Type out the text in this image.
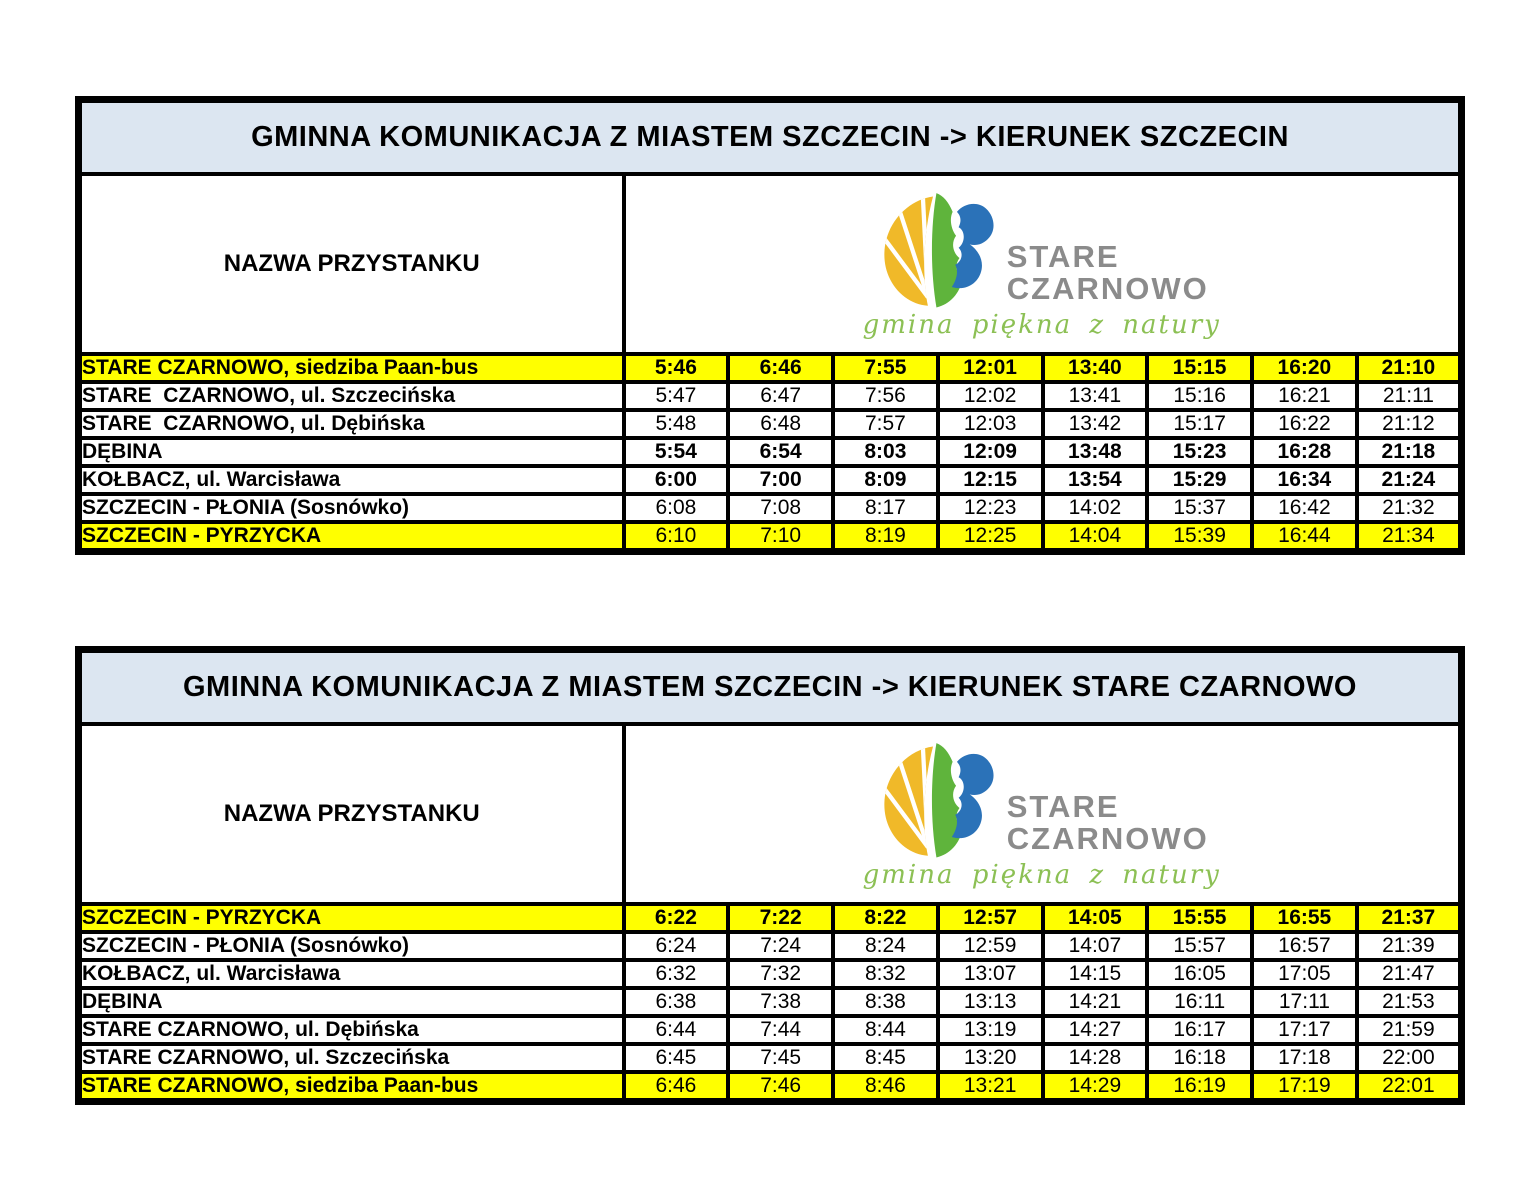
GMINNA KOMUNIKACJA Z MIASTEM SZCZECIN -> KIERUNEK SZCZECIN								
NAZWA PRZYSTANKU	STARE
CZARNOWO
gmina piękna z natury							

STARE CZARNOWO, siedziba Paan-bus	5:46	6:46	7:55	12:01	13:40	15:15	16:20	21:10
STARE  CZARNOWO, ul. Szczecińska	5:47	6:47	7:56	12:02	13:41	15:16	16:21	21:11
STARE  CZARNOWO, ul. Dębińska	5:48	6:48	7:57	12:03	13:42	15:17	16:22	21:12
DĘBINA	5:54	6:54	8:03	12:09	13:48	15:23	16:28	21:18
KOŁBACZ, ul. Warcisława	6:00	7:00	8:09	12:15	13:54	15:29	16:34	21:24
SZCZECIN - PŁONIA (Sosnówko)	6:08	7:08	8:17	12:23	14:02	15:37	16:42	21:32
SZCZECIN - PYRZYCKA	6:10	7:10	8:19	12:25	14:04	15:39	16:44	21:34
GMINNA KOMUNIKACJA Z MIASTEM SZCZECIN -> KIERUNEK STARE CZARNOWO								
NAZWA PRZYSTANKU	STARE
CZARNOWO
gmina piękna z natury							

SZCZECIN - PYRZYCKA	6:22	7:22	8:22	12:57	14:05	15:55	16:55	21:37
SZCZECIN - PŁONIA (Sosnówko)	6:24	7:24	8:24	12:59	14:07	15:57	16:57	21:39
KOŁBACZ, ul. Warcisława	6:32	7:32	8:32	13:07	14:15	16:05	17:05	21:47
DĘBINA	6:38	7:38	8:38	13:13	14:21	16:11	17:11	21:53
STARE CZARNOWO, ul. Dębińska	6:44	7:44	8:44	13:19	14:27	16:17	17:17	21:59
STARE CZARNOWO, ul. Szczecińska	6:45	7:45	8:45	13:20	14:28	16:18	17:18	22:00
STARE CZARNOWO, siedziba Paan-bus	6:46	7:46	8:46	13:21	14:29	16:19	17:19	22:01
